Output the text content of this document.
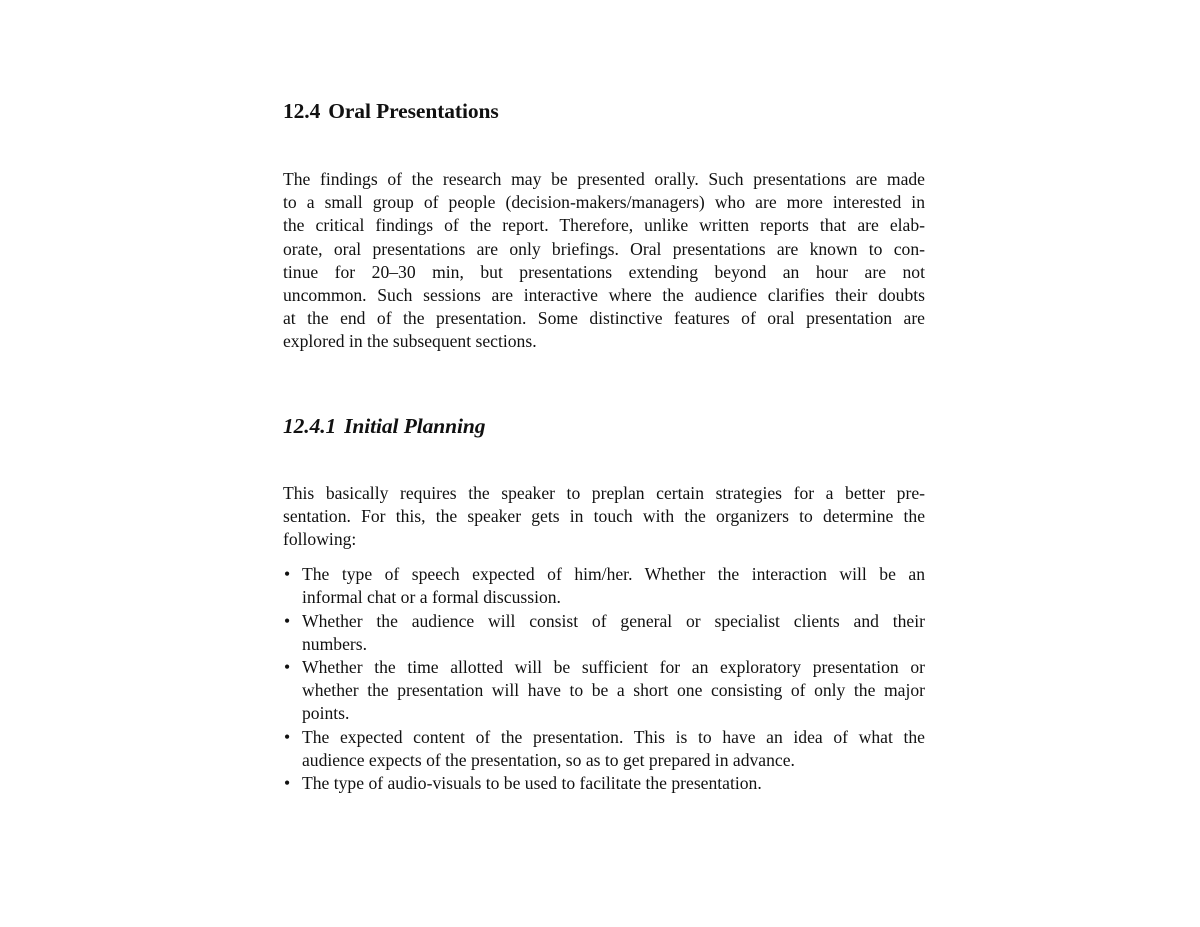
12.4 Oral Presentations

The findings of the research may be presented orally. Such presentations are made
to a small group of people (decision-makers/managers) who are more interested in
the critical findings of the report. Therefore, unlike written reports that are elab-
orate, oral presentations are only briefings. Oral presentations are known to con-
tinue for 20–30 min, but presentations extending beyond an hour are not
uncommon. Such sessions are interactive where the audience clarifies their doubts
at the end of the presentation. Some distinctive features of oral presentation are
explored in the subsequent sections.

12.4.1 Initial Planning

This basically requires the speaker to preplan certain strategies for a better pre-
sentation. For this, the speaker gets in touch with the organizers to determine the
following:

• The type of speech expected of him/her. Whether the interaction will be an
informal chat or a formal discussion.
• Whether the audience will consist of general or specialist clients and their
numbers.
• Whether the time allotted will be sufficient for an exploratory presentation or
whether the presentation will have to be a short one consisting of only the major
points.
• The expected content of the presentation. This is to have an idea of what the
audience expects of the presentation, so as to get prepared in advance.
• The type of audio-visuals to be used to facilitate the presentation.
